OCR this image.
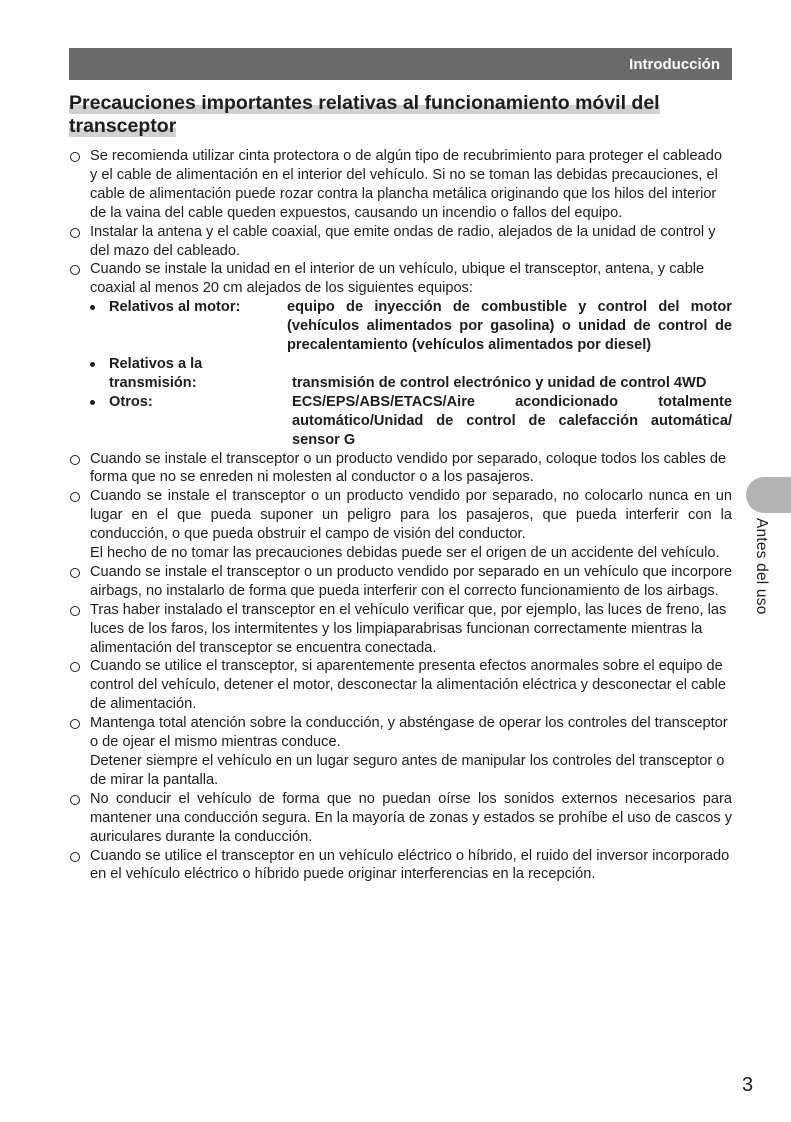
Introducción
Precauciones importantes relativas al funcionamiento móvil del
transceptor
Se recomienda utilizar cinta protectora o de algún tipo de recubrimiento para proteger el cableado y el cable de alimentación en el interior del vehículo. Si no se toman las debidas precauciones, el cable de alimentación puede rozar contra la plancha metálica originando que los hilos del interior de la vaina del cable queden expuestos, causando un incendio o fallos del equipo.
Instalar la antena y el cable coaxial, que emite ondas de radio, alejados de la unidad de control y del mazo del cableado.
Cuando se instale la unidad en el interior de un vehículo, ubique el transceptor, antena, y cable coaxial al menos 20 cm alejados de los siguientes equipos:
Relativos al motor:	equipo de inyección de combustible y control del motor (vehículos alimentados por gasolina) o unidad de control de precalentamiento (vehículos alimentados por diesel)
Relativos a la transmisión:	transmisión de control electrónico y unidad de control 4WD
Otros:	ECS/EPS/ABS/ETACS/Aire acondicionado totalmente automático/Unidad de control de calefacción automática/ sensor G
Cuando se instale el transceptor o un producto vendido por separado, coloque todos los cables de forma que no se enreden ni molesten al conductor o a los pasajeros.
Cuando se instale el transceptor o un producto vendido por separado, no colocarlo nunca en un lugar en el que pueda suponer un peligro para los pasajeros, que pueda interferir con la conducción, o que pueda obstruir el campo de visión del conductor.
El hecho de no tomar las precauciones debidas puede ser el origen de un accidente del vehículo.
Cuando se instale el transceptor o un producto vendido por separado en un vehículo que incorpore airbags, no instalarlo de forma que pueda interferir con el correcto funcionamiento de los airbags.
Tras haber instalado el transceptor en el vehículo verificar que, por ejemplo, las luces de freno, las luces de los faros, los intermitentes y los limpiaparabrisas funcionan correctamente mientras la alimentación del transceptor se encuentra conectada.
Cuando se utilice el transceptor, si aparentemente presenta efectos anormales sobre el equipo de control del vehículo, detener el motor, desconectar la alimentación eléctrica y desconectar el cable de alimentación.
Mantenga total atención sobre la conducción, y absténgase de operar los controles del transceptor o de ojear el mismo mientras conduce.
Detener siempre el vehículo en un lugar seguro antes de manipular los controles del transceptor o de mirar la pantalla.
No conducir el vehículo de forma que no puedan oírse los sonidos externos necesarios para mantener una conducción segura. En la mayoría de zonas y estados se prohíbe el uso de cascos y auriculares durante la conducción.
Cuando se utilice el transceptor en un vehículo eléctrico o híbrido, el ruido del inversor incorporado en el vehículo eléctrico o híbrido puede originar interferencias en la recepción.
Antes del uso
3
